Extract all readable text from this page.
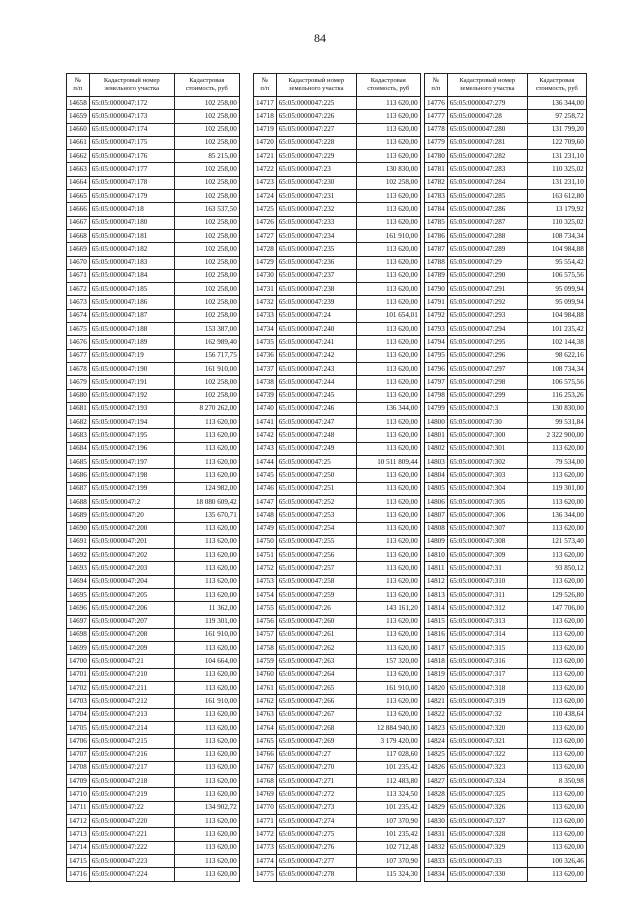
84
№
п/п	Кадастровый номер земельного участка	Кадастровая стоимость, руб
14658	65:05:0000047:172	102 258,00
14659	65:05:0000047:173	102 258,00
14660	65:05:0000047:174	102 258,00
14661	65:05:0000047:175	102 258,00
14662	65:05:0000047:176	85 215,00
14663	65:05:0000047:177	102 258,00
14664	65:05:0000047:178	102 258,00
14665	65:05:0000047:179	102 258,00
14666	65:05:0000047:18	163 537,50
14667	65:05:0000047:180	102 258,00
14668	65:05:0000047:181	102 258,00
14669	65:05:0000047:182	102 258,00
14670	65:05:0000047:183	102 258,00
14671	65:05:0000047:184	102 258,00
14672	65:05:0000047:185	102 258,00
14673	65:05:0000047:186	102 258,00
14674	65:05:0000047:187	102 258,00
14675	65:05:0000047:188	153 387,00
14676	65:05:0000047:189	162 989,40
14677	65:05:0000047:19	156 717,75
14678	65:05:0000047:190	161 910,00
14679	65:05:0000047:191	102 258,00
14680	65:05:0000047:192	102 258,00
14681	65:05:0000047:193	8 270 262,00
14682	65:05:0000047:194	113 620,00
14683	65:05:0000047:195	113 620,00
14684	65:05:0000047:196	113 620,00
14685	65:05:0000047:197	113 620,00
14686	65:05:0000047:198	113 620,00
14687	65:05:0000047:199	124 982,00
14688	65:05:0000047:2	18 080 609,42
14689	65:05:0000047:20	135 670,71
14690	65:05:0000047:200	113 620,00
14691	65:05:0000047:201	113 620,00
14692	65:05:0000047:202	113 620,00
14693	65:05:0000047:203	113 620,00
14694	65:05:0000047:204	113 620,00
14695	65:05:0000047:205	113 620,00
14696	65:05:0000047:206	11 362,00
14697	65:05:0000047:207	119 301,00
14698	65:05:0000047:208	161 910,00
14699	65:05:0000047:209	113 620,00
14700	65:05:0000047:21	104 664,00
14701	65:05:0000047:210	113 620,00
14702	65:05:0000047:211	113 620,00
14703	65:05:0000047:212	161 910,00
14704	65:05:0000047:213	113 620,00
14705	65:05:0000047:214	113 620,00
14706	65:05:0000047:215	113 620,00
14707	65:05:0000047:216	113 620,00
14708	65:05:0000047:217	113 620,00
14709	65:05:0000047:218	113 620,00
14710	65:05:0000047:219	113 620,00
14711	65:05:0000047:22	134 902,72
14712	65:05:0000047:220	113 620,00
14713	65:05:0000047:221	113 620,00
14714	65:05:0000047:222	113 620,00
14715	65:05:0000047:223	113 620,00
14716	65:05:0000047:224	113 620,00
№
п/п	Кадастровый номер земельного участка	Кадастровая стоимость, руб
14717	65:05:0000047:225	113 620,00
14718	65:05:0000047:226	113 620,00
14719	65:05:0000047:227	113 620,00
14720	65:05:0000047:228	113 620,00
14721	65:05:0000047:229	113 620,00
14722	65:05:0000047:23	130 830,00
14723	65:05:0000047:230	102 258,00
14724	65:05:0000047:231	113 620,00
14725	65:05:0000047:232	113 620,00
14726	65:05:0000047:233	113 620,00
14727	65:05:0000047:234	161 910,00
14728	65:05:0000047:235	113 620,00
14729	65:05:0000047:236	113 620,00
14730	65:05:0000047:237	113 620,00
14731	65:05:0000047:238	113 620,00
14732	65:05:0000047:239	113 620,00
14733	65:05:0000047:24	101 654,01
14734	65:05:0000047:240	113 620,00
14735	65:05:0000047:241	113 620,00
14736	65:05:0000047:242	113 620,00
14737	65:05:0000047:243	113 620,00
14738	65:05:0000047:244	113 620,00
14739	65:05:0000047:245	113 620,00
14740	65:05:0000047:246	136 344,00
14741	65:05:0000047:247	113 620,00
14742	65:05:0000047:248	113 620,00
14743	65:05:0000047:249	113 620,00
14744	65:05:0000047:25	10 511 809,44
14745	65:05:0000047:250	113 620,00
14746	65:05:0000047:251	113 620,00
14747	65:05:0000047:252	113 620,00
14748	65:05:0000047:253	113 620,00
14749	65:05:0000047:254	113 620,00
14750	65:05:0000047:255	113 620,00
14751	65:05:0000047:256	113 620,00
14752	65:05:0000047:257	113 620,00
14753	65:05:0000047:258	113 620,00
14754	65:05:0000047:259	113 620,00
14755	65:05:0000047:26	143 161,20
14756	65:05:0000047:260	113 620,00
14757	65:05:0000047:261	113 620,00
14758	65:05:0000047:262	113 620,00
14759	65:05:0000047:263	157 320,00
14760	65:05:0000047:264	113 620,00
14761	65:05:0000047:265	161 910,00
14762	65:05:0000047:266	113 620,00
14763	65:05:0000047:267	113 620,00
14764	65:05:0000047:268	12 884 940,00
14765	65:05:0000047:269	3 179 420,00
14766	65:05:0000047:27	117 028,60
14767	65:05:0000047:270	101 235,42
14768	65:05:0000047:271	112 483,80
14769	65:05:0000047:272	113 324,50
14770	65:05:0000047:273	101 235,42
14771	65:05:0000047:274	107 370,90
14772	65:05:0000047:275	101 235,42
14773	65:05:0000047:276	102 712,48
14774	65:05:0000047:277	107 370,90
14775	65:05:0000047:278	115 324,30
№
п/п	Кадастровый номер земельного участка	Кадастровая стоимость, руб
14776	65:05:0000047:279	136 344,00
14777	65:05:0000047:28	97 258,72
14778	65:05:0000047:280	131 799,20
14779	65:05:0000047:281	122 709,60
14780	65:05:0000047:282	131 231,10
14781	65:05:0000047:283	110 325,02
14782	65:05:0000047:284	131 231,10
14783	65:05:0000047:285	163 612,80
14784	65:05:0000047:286	13 179,92
14785	65:05:0000047:287	110 325,02
14786	65:05:0000047:288	108 734,34
14787	65:05:0000047:289	104 984,88
14788	65:05:0000047:29	95 554,42
14789	65:05:0000047:290	106 575,56
14790	65:05:0000047:291	95 099,94
14791	65:05:0000047:292	95 099,94
14792	65:05:0000047:293	104 984,88
14793	65:05:0000047:294	101 235,42
14794	65:05:0000047:295	102 144,38
14795	65:05:0000047:296	98 622,16
14796	65:05:0000047:297	108 734,34
14797	65:05:0000047:298	106 575,56
14798	65:05:0000047:299	116 253,26
14799	65:05:0000047:3	130 830,00
14800	65:05:0000047:30	99 531,84
14801	65:05:0000047:300	2 322 900,00
14802	65:05:0000047:301	113 620,00
14803	65:05:0000047:302	79 534,00
14804	65:05:0000047:303	113 620,00
14805	65:05:0000047:304	119 301,00
14806	65:05:0000047:305	113 620,00
14807	65:05:0000047:306	136 344,00
14808	65:05:0000047:307	113 620,00
14809	65:05:0000047:308	121 573,40
14810	65:05:0000047:309	113 620,00
14811	65:05:0000047:31	93 850,12
14812	65:05:0000047:310	113 620,00
14813	65:05:0000047:311	129 526,80
14814	65:05:0000047:312	147 706,00
14815	65:05:0000047:313	113 620,00
14816	65:05:0000047:314	113 620,00
14817	65:05:0000047:315	113 620,00
14818	65:05:0000047:316	113 620,00
14819	65:05:0000047:317	113 620,00
14820	65:05:0000047:318	113 620,00
14821	65:05:0000047:319	113 620,00
14822	65:05:0000047:32	110 438,64
14823	65:05:0000047:320	113 620,00
14824	65:05:0000047:321	113 620,00
14825	65:05:0000047:322	113 620,00
14826	65:05:0000047:323	113 620,00
14827	65:05:0000047:324	8 350,98
14828	65:05:0000047:325	113 620,00
14829	65:05:0000047:326	113 620,00
14830	65:05:0000047:327	113 620,00
14831	65:05:0000047:328	113 620,00
14832	65:05:0000047:329	113 620,00
14833	65:05:0000047:33	100 326,46
14834	65:05:0000047:330	113 620,00
